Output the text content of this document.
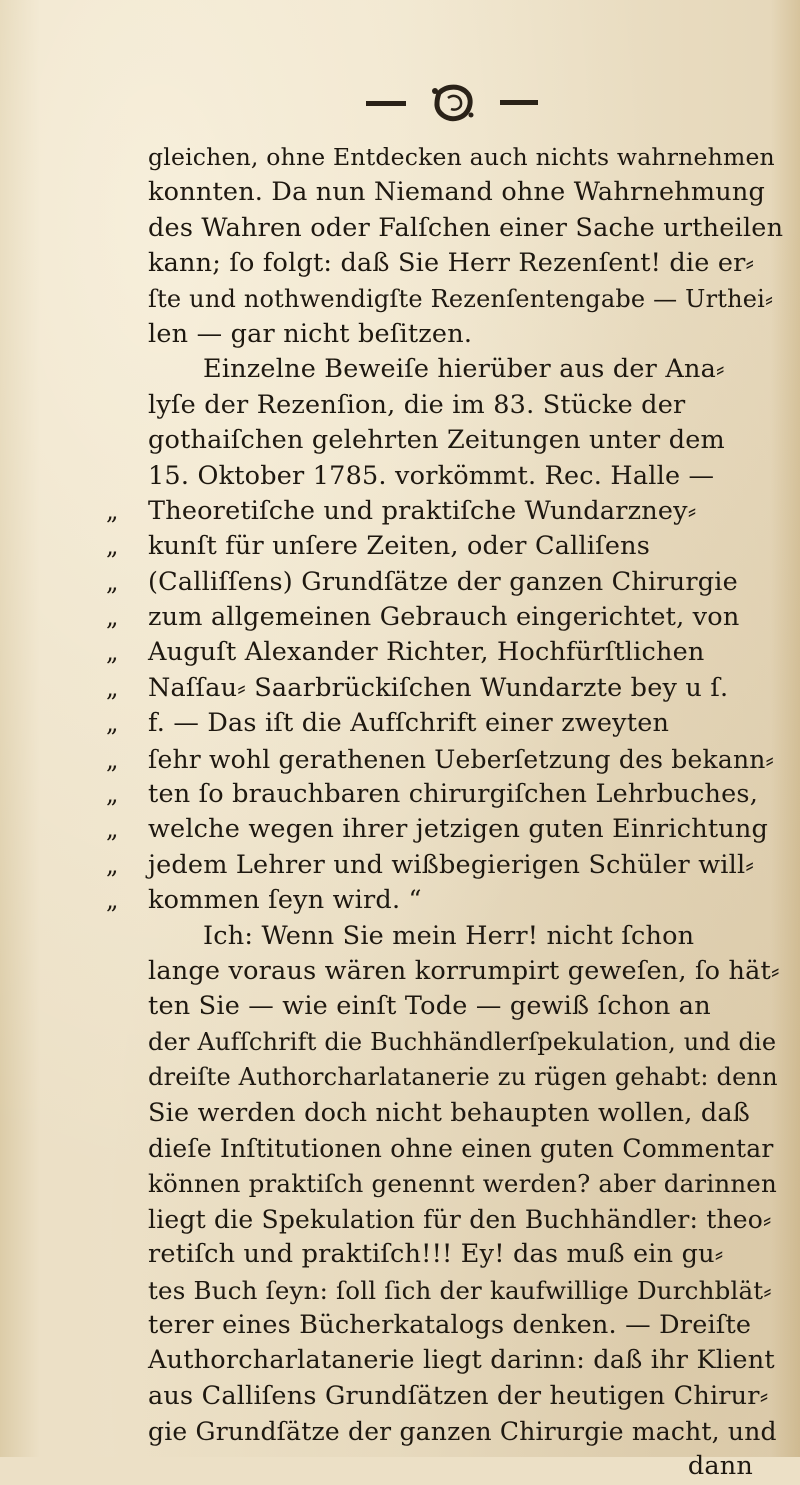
gleichen, ohne Entdecken auch nichts wahrnehmen
konnten. Da nun Niemand ohne Wahrnehmung
des Wahren oder Falſchen einer Sache urtheilen
kann; ſo folgt: daß Sie Herr Rezenſent! die er⸗
ſte und nothwendigſte Rezenſentengabe — Urthei⸗
len — gar nicht beſitzen.
Einzelne Beweiſe hierüber aus der Ana⸗
lyſe der Rezenſion, die im 83. Stücke der
gothaiſchen gelehrten Zeitungen unter dem
15. Oktober 1785. vorkömmt. Rec. Halle —
„ Theoretiſche und praktiſche Wundarzney⸗
„ kunſt für unſere Zeiten, oder Calliſens
„ (Calliſſens) Grundſätze der ganzen Chirurgie
„ zum allgemeinen Gebrauch eingerichtet, von
„ Auguſt Alexander Richter, Hochfürſtlichen
„ Naſſau⸗ Saarbrückiſchen Wundarzte bey u ſ.
„ f. — Das iſt die Aufſchrift einer zweyten
„ ſehr wohl gerathenen Ueberſetzung des bekann⸗
„ ten ſo brauchbaren chirurgiſchen Lehrbuches,
„ welche wegen ihrer jetzigen guten Einrichtung
„ jedem Lehrer und wißbegierigen Schüler will⸗
„ kommen ſeyn wird. “
Ich: Wenn Sie mein Herr! nicht ſchon
lange voraus wären korrumpirt geweſen, ſo hät⸗
ten Sie — wie einſt Tode — gewiß ſchon an
der Aufſchrift die Buchhändlerſpekulation, und die
dreiſte Authorcharlatanerie zu rügen gehabt: denn
Sie werden doch nicht behaupten wollen, daß
dieſe Inſtitutionen ohne einen guten Commentar
können praktiſch genennt werden? aber darinnen
liegt die Spekulation für den Buchhändler: theo⸗
retiſch und praktiſch!!! Ey! das muß ein gu⸗
tes Buch ſeyn: ſoll ſich der kaufwillige Durchblät⸗
terer eines Bücherkatalogs denken. — Dreiſte
Authorcharlatanerie liegt darinn: daß ihr Klient
aus Calliſens Grundſätzen der heutigen Chirur⸗
gie Grundſätze der ganzen Chirurgie macht, und
dann
